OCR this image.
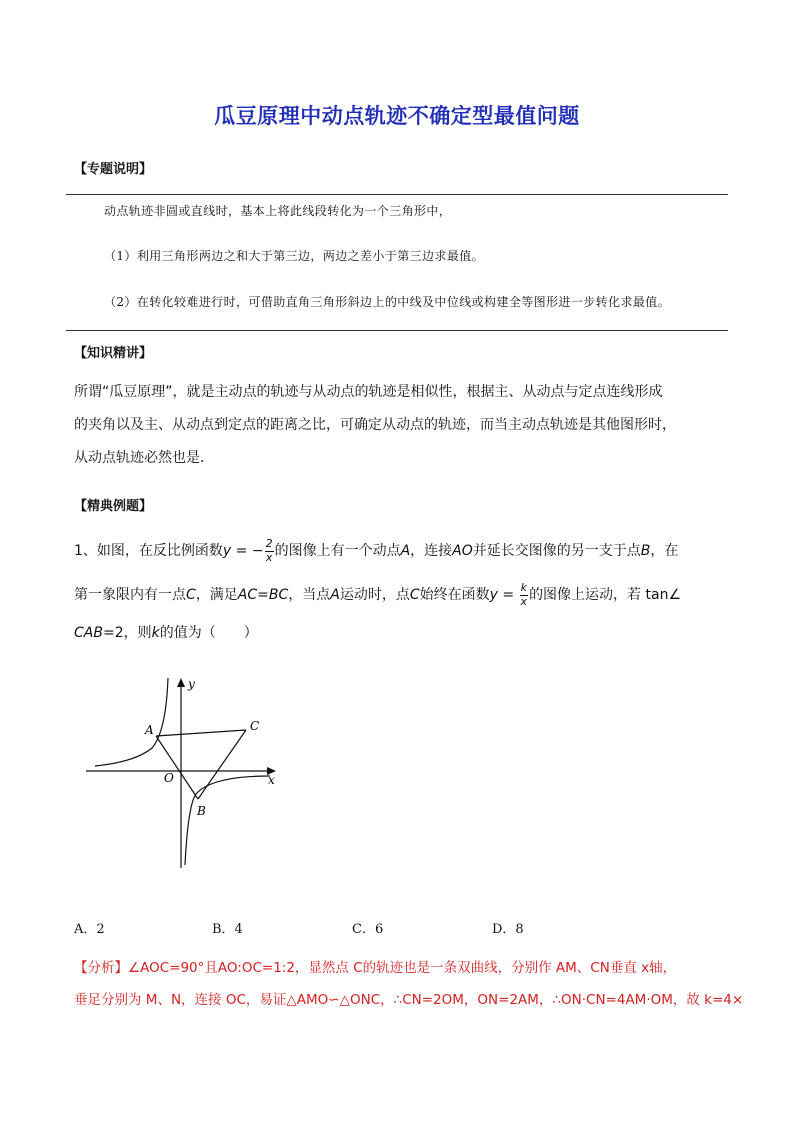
瓜豆原理中动点轨迹不确定型最值问题
【专题说明】
动点轨迹非圆或直线时，基本上将此线段转化为一个三角形中，
（1）利用三角形两边之和大于第三边，两边之差小于第三边求最值。
（2）在转化较难进行时，可借助直角三角形斜边上的中线及中位线或构建全等图形进一步转化求最值。
【知识精讲】
所谓“瓜豆原理”，就是主动点的轨迹与从动点的轨迹是相似性，根据主、从动点与定点连线形成
的夹角以及主、从动点到定点的距离之比，可确定从动点的轨迹，而当主动点轨迹是其他图形时，
从动点轨迹必然也是．
【精典例题】
1、如图，在反比例函数y = − $\frac{2}{x}$ 的图像上有一个动点A，连接AO并延长交图像的另一支于点B，在
第一象限内有一点C，满足AC=BC，当点A运动时，点C始终在函数$y = \frac{k}{x}$ 的图像上运动，若 tan∠
CAB=2，则k的值为（　　）
y
x
A
B
C
O
A．2	B．4	C．6	D．8
【分析】∠AOC=90°且AO:OC=1:2，显然点 C的轨迹也是一条双曲线，分别作 AM、CN垂直 x轴，
垂足分别为 M、N，连接 OC，易证△AMO∽△ONC，∴CN=2OM，ON=2AM，∴ON·CN=4AM·OM，故 k=4×
